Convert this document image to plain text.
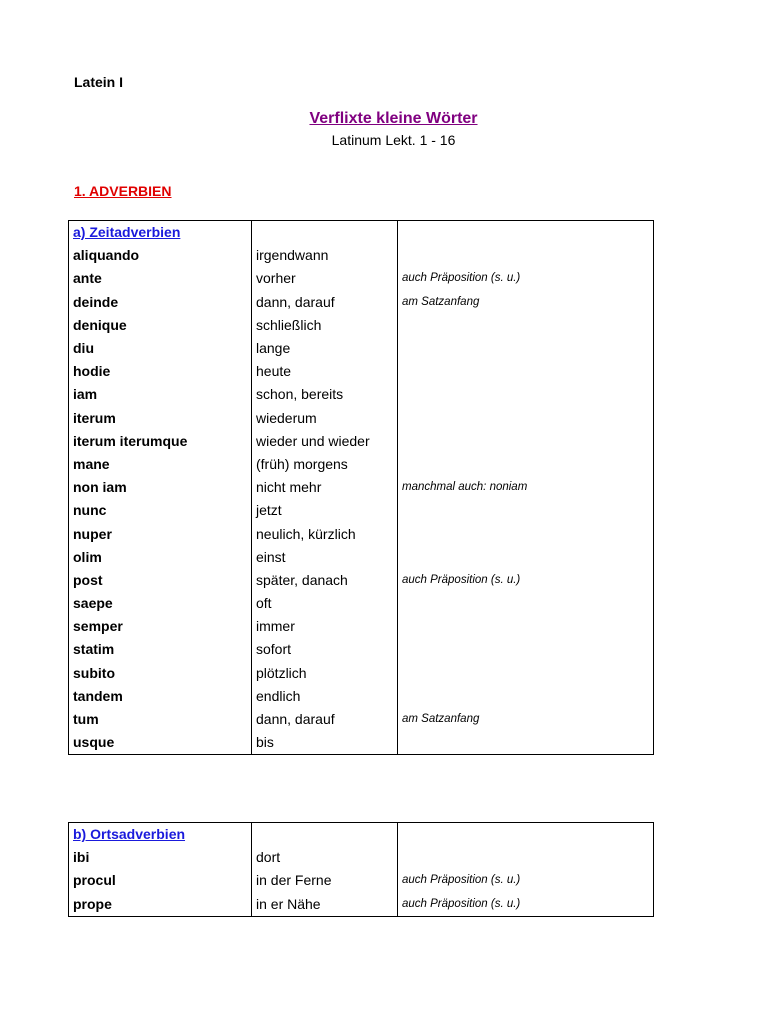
Latein I
Verflixte kleine Wörter
Latinum Lekt. 1 - 16
1. ADVERBIEN
a) Zeitadverbien		
aliquando	irgendwann	
ante	vorher	auch Präposition (s. u.)
deinde	dann, darauf	am Satzanfang
denique	schließlich	
diu	lange	
hodie	heute	
iam	schon, bereits	
iterum	wiederum	
iterum iterumque	wieder und wieder	
mane	(früh) morgens	
non iam	nicht mehr	manchmal auch: noniam
nunc	jetzt	
nuper	neulich, kürzlich	
olim	einst	
post	später, danach	auch Präposition (s. u.)
saepe	oft	
semper	immer	
statim	sofort	
subito	plötzlich	
tandem	endlich	
tum	dann, darauf	am Satzanfang
usque	bis	
b) Ortsadverbien		
ibi	dort	
procul	in der Ferne	auch Präposition (s. u.)
prope	in er Nähe	auch Präposition (s. u.)
